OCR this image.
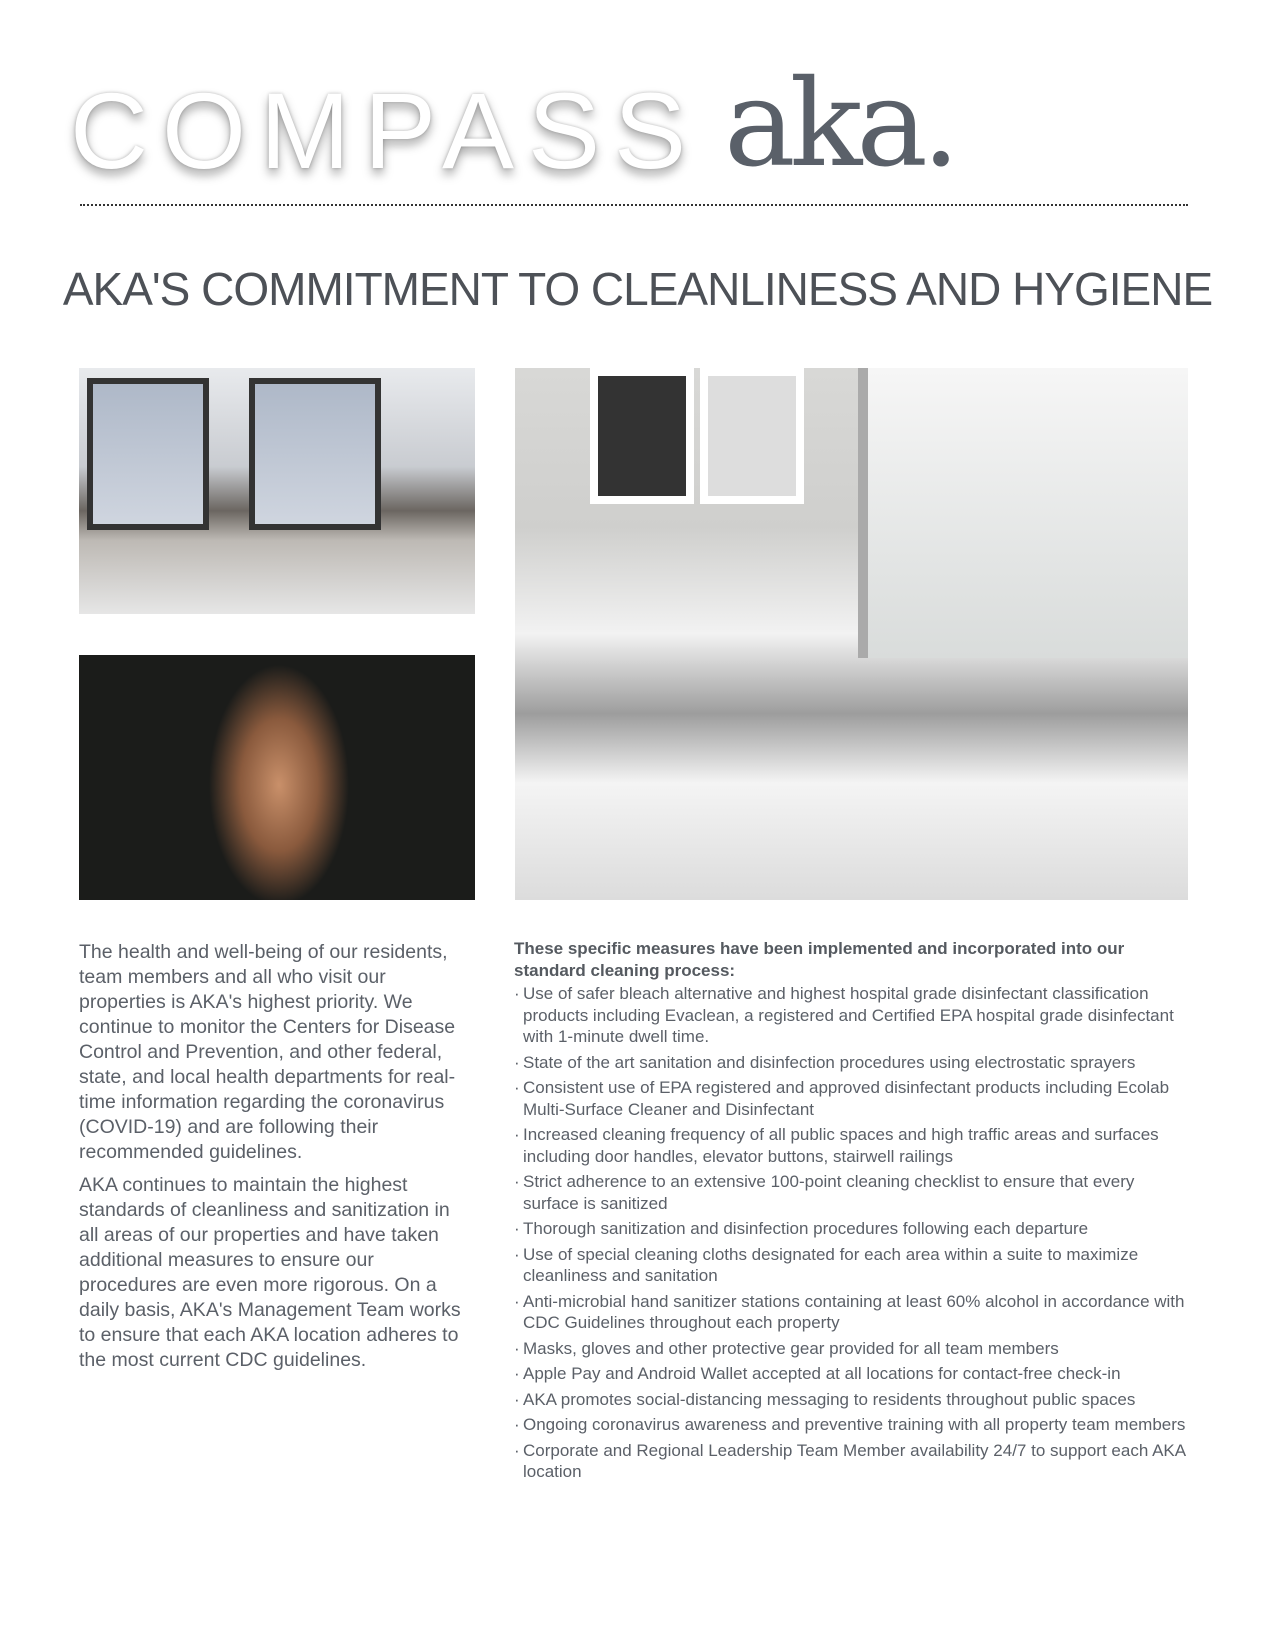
COMPASS aka.
AKA'S COMMITMENT TO CLEANLINESS AND HYGIENE

The health and well-being of our residents, team members and all who visit our properties is AKA's highest priority. We continue to monitor the Centers for Disease Control and Prevention, and other federal, state, and local health departments for real-time information regarding the coronavirus (COVID-19) and are following their recommended guidelines.

AKA continues to maintain the highest standards of cleanliness and sanitization in all areas of our properties and have taken additional measures to ensure our procedures are even more rigorous. On a daily basis, AKA's Management Team works to ensure that each AKA location adheres to the most current CDC guidelines.

These specific measures have been implemented and incorporated into our standard cleaning process:
· Use of safer bleach alternative and highest hospital grade disinfectant classification products including Evaclean, a registered and Certified EPA hospital grade disinfectant with 1-minute dwell time.
· State of the art sanitation and disinfection procedures using electrostatic sprayers
· Consistent use of EPA registered and approved disinfectant products including Ecolab Multi-Surface Cleaner and Disinfectant
· Increased cleaning frequency of all public spaces and high traffic areas and surfaces including door handles, elevator buttons, stairwell railings
· Strict adherence to an extensive 100-point cleaning checklist to ensure that every surface is sanitized
· Thorough sanitization and disinfection procedures following each departure
· Use of special cleaning cloths designated for each area within a suite to maximize cleanliness and sanitation
· Anti-microbial hand sanitizer stations containing at least 60% alcohol in accordance with CDC Guidelines throughout each property
· Masks, gloves and other protective gear provided for all team members
· Apple Pay and Android Wallet accepted at all locations for contact-free check-in
· AKA promotes social-distancing messaging to residents throughout public spaces
· Ongoing coronavirus awareness and preventive training with all property team members
· Corporate and Regional Leadership Team Member availability 24/7 to support each AKA location
